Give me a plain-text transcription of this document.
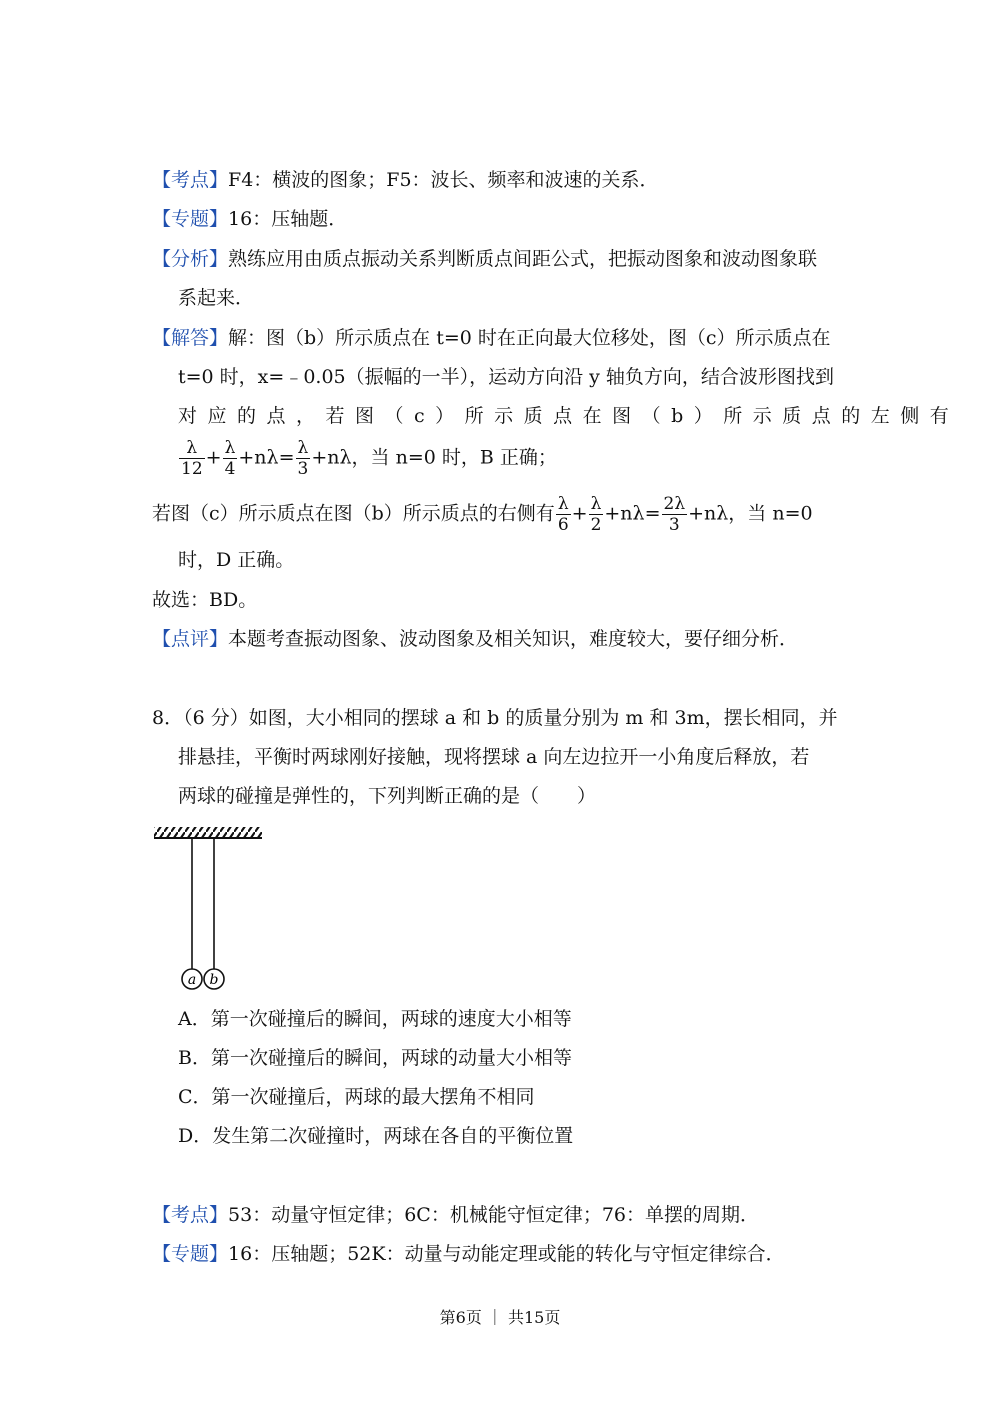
【考点】F4：横波的图象；F5：波长、频率和波速的关系．
【专题】16：压轴题．
【分析】熟练应用由质点振动关系判断质点间距公式，把振动图象和波动图象联
系起来．
【解答】解：图（b）所示质点在 t=0 时在正向最大位移处，图（c）所示质点在
t=0 时，x=﹣0.05（振幅的一半），运动方向沿 y 轴负方向，结合波形图找到
对应的点，若图（c）所示质点在图（b）所示质点的左侧有
$\frac{\lambda}{12} + \frac{\lambda}{4} +n\lambda= \frac{\lambda}{3} +n\lambda$，当 n=0 时，B 正确；
若图（c）所示质点在图（b）所示质点的右侧有 $\frac{\lambda}{6} + \frac{\lambda}{2} +n\lambda= \frac{2\lambda}{3} +n\lambda$，当 n=0
时，D 正确。
故选：BD。
【点评】本题考查振动图象、波动图象及相关知识，难度较大，要仔细分析．
8．（6 分）如图，大小相同的摆球 a 和 b 的质量分别为 m 和 3m，摆长相同，并
排悬挂，平衡时两球刚好接触，现将摆球 a 向左边拉开一小角度后释放，若
两球的碰撞是弹性的，下列判断正确的是（　　）
a b
A．第一次碰撞后的瞬间，两球的速度大小相等
B．第一次碰撞后的瞬间，两球的动量大小相等
C．第一次碰撞后，两球的最大摆角不相同
D．发生第二次碰撞时，两球在各自的平衡位置
【考点】53：动量守恒定律；6C：机械能守恒定律；76：单摆的周期．
【专题】16：压轴题；52K：动量与动能定理或能的转化与守恒定律综合．
第6页 ｜ 共15页
